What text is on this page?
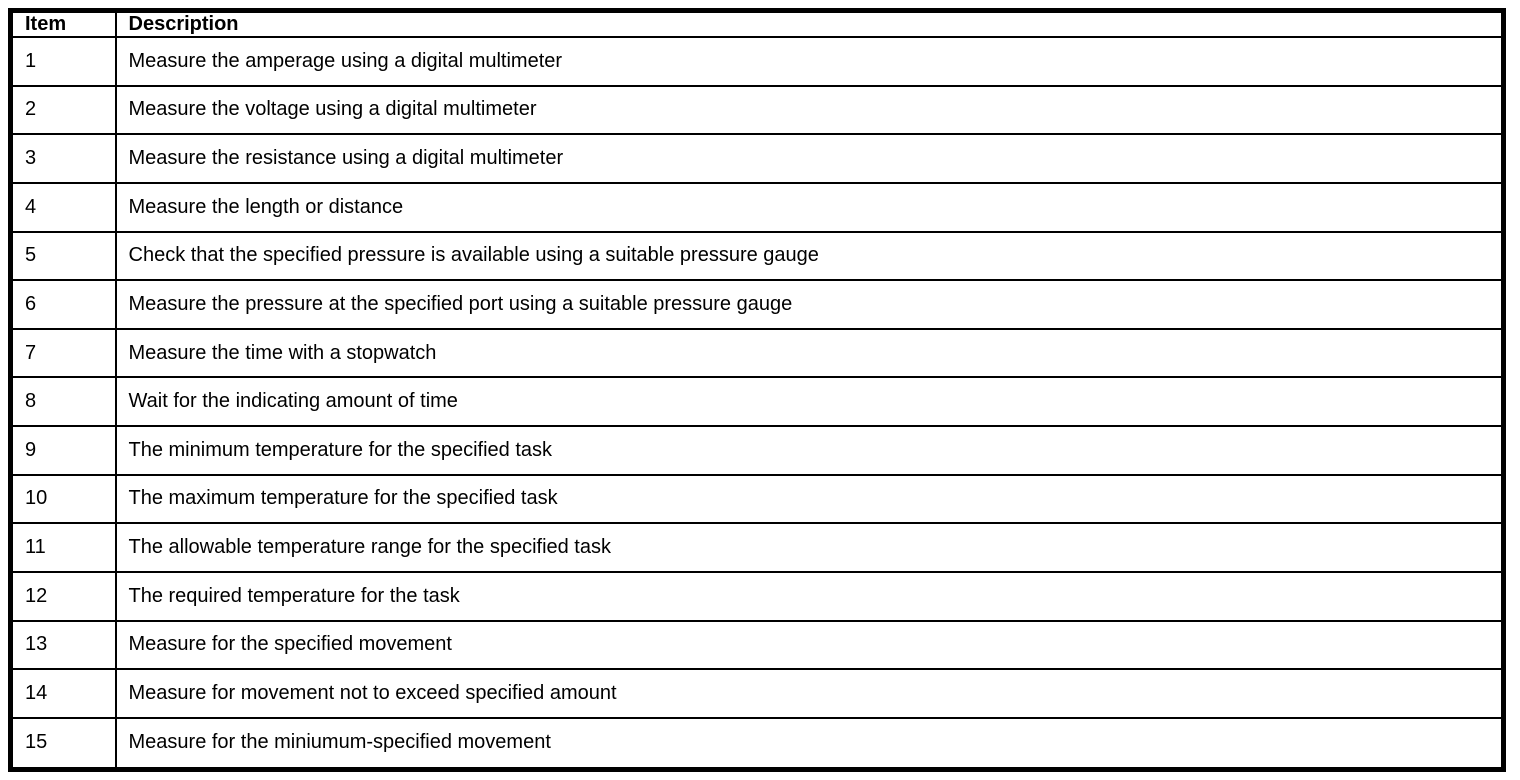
Item	Description
1	Measure the amperage using a digital multimeter
2	Measure the voltage using a digital multimeter
3	Measure the resistance using a digital multimeter
4	Measure the length or distance
5	Check that the specified pressure is available using a suitable pressure gauge
6	Measure the pressure at the specified port using a suitable pressure gauge
7	Measure the time with a stopwatch
8	Wait for the indicating amount of time
9	The minimum temperature for the specified task
10	The maximum temperature for the specified task
11	The allowable temperature range for the specified task
12	The required temperature for the task
13	Measure for the specified movement
14	Measure for movement not to exceed specified amount
15	Measure for the miniumum-specified movement
